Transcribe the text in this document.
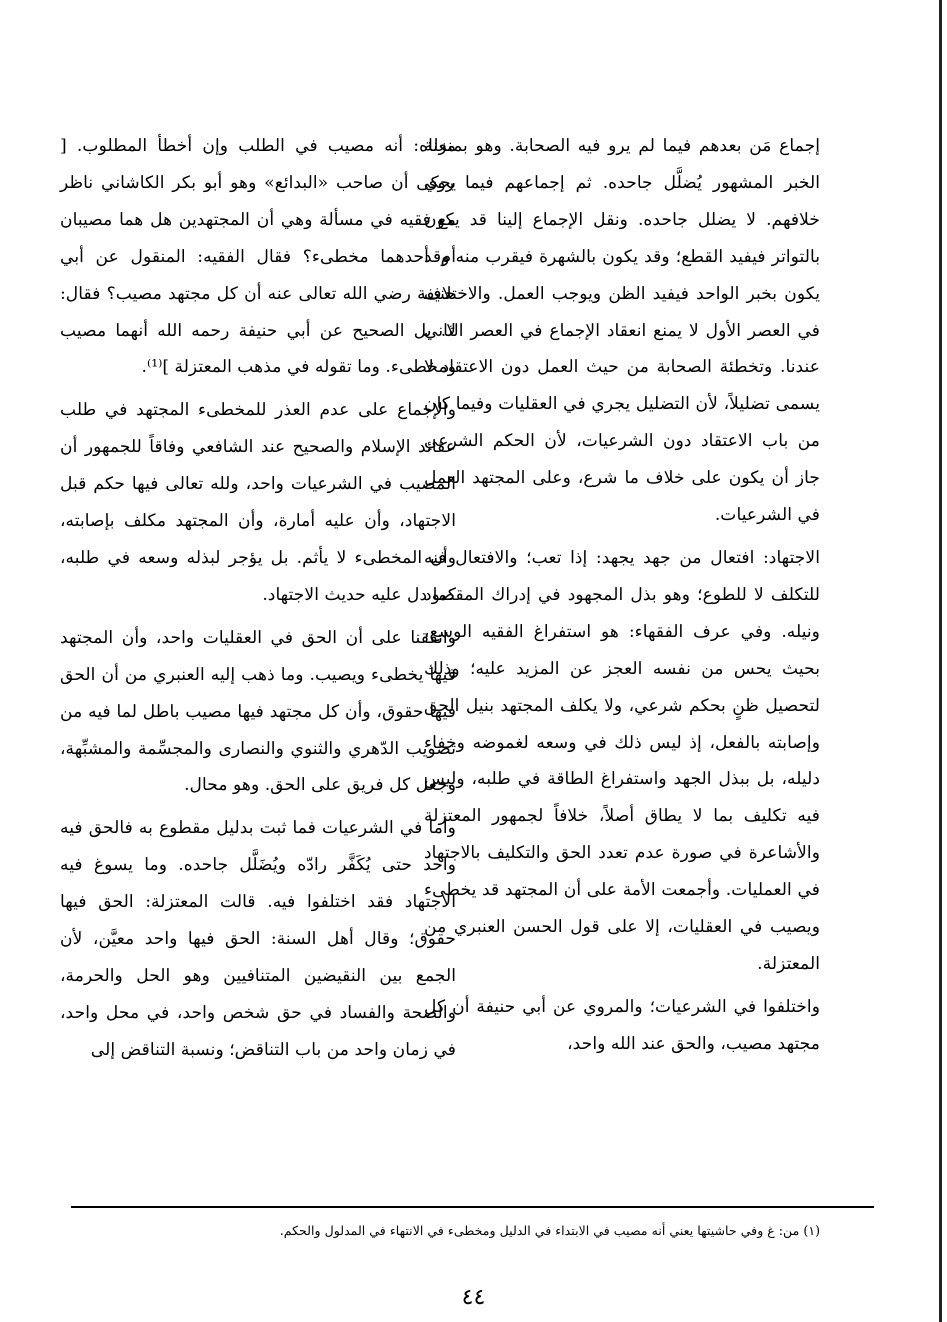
إجماع مَن بعدهم فيما لم يرو فيه الصحابة. وهو بمنزلة الخبر المشهور يُضلَّل جاحده. ثم إجماعهم فيما روي خلافهم. لا يضلل جاحده. ونقل الإجماع إلينا قد يكون بالتواتر فيفيد القطع؛ وقد يكون بالشهرة فيقرب منه وقد يكون بخبر الواحد فيفيد الظن ويوجب العمل. والاختلاف في العصر الأول لا يمنع انعقاد الإجماع في العصر الثاني عندنا. وتخطئة الصحابة من حيث العمل دون الاعتقاد لا يسمى تضليلاً، لأن التضليل يجري في العقليات وفيما كان من باب الاعتقاد دون الشرعيات، لأن الحكم الشرعي جاز أن يكون على خلاف ما شرع، وعلى المجتهد العمل في الشرعيات.

الاجتهاد: افتعال من جهد يجهد: إذا تعب؛ والافتعال فيه للتكلف لا للطوع؛ وهو بذل المجهود في إدراك المقصود ونيله. وفي عرف الفقهاء: هو استفراغ الفقيه الوسع، بحيث يحس من نفسه العجز عن المزيد عليه؛ وذلك لتحصيل ظنٍ بحكم شرعي، ولا يكلف المجتهد بنيل الحق وإصابته بالفعل، إذ ليس ذلك في وسعه لغموضه وخفاء دليله، بل ببذل الجهد واستفراغ الطاقة في طلبه، وليس فيه تكليف بما لا يطاق أصلاً، خلافاً لجمهور المعتزلة والأشاعرة في صورة عدم تعدد الحق والتكليف بالاجتهاد في العمليات. وأجمعت الأمة على أن المجتهد قد يخطىء ويصيب في العقليات، إلا على قول الحسن العنبري من المعتزلة.

واختلفوا في الشرعيات؛ والمروي عن أبي حنيفة أن كل مجتهد مصيب، والحق عند الله واحد،

معناه: أنه مصيب في الطلب وإن أخطأ المطلوب. [ يحكى أن صاحب «البدائع» وهو أبو بكر الكاشاني ناظر مع فقيه في مسألة وهي أن المجتهدين هل هما مصيبان أم أحدهما مخطىء؟ فقال الفقيه: المنقول عن أبي حنيفة رضي الله تعالى عنه أن كل مجتهد مصيب؟ فقال: لا. بل الصحيح عن أبي حنيفة رحمه الله أنهما مصيب ومخطىء. وما تقوله في مذهب المعتزلة ]⁽¹⁾.

والإجماع على عدم العذر للمخطىء المجتهد في طلب عقائد الإسلام والصحيح عند الشافعي وفاقاً للجمهور أن المصيب في الشرعيات واحد، ولله تعالى فيها حكم قبل الاجتهاد، وأن عليه أمارة، وأن المجتهد مكلف بإصابته، وأن المخطىء لا يأثم. بل يؤجر لبذله وسعه في طلبه، كما دل عليه حديث الاجتهاد.

واتفقنا على أن الحق في العقليات واحد، وأن المجتهد فيها يخطىء ويصيب. وما ذهب إليه العنبري من أن الحق فيها حقوق، وأن كل مجتهد فيها مصيب باطل لما فيه من تصويب الدّهري والثنوي والنصارى والمجسِّمة والمشبِّهة، وجعل كل فريق على الحق. وهو محال.

وأما في الشرعيات فما ثبت بدليل مقطوع به فالحق فيه واحد حتى يُكَفَّر رادّه ويُضَلَّل جاحده. وما يسوغ فيه الاجتهاد فقد اختلفوا فيه. قالت المعتزلة: الحق فيها حقوق؛ وقال أهل السنة: الحق فيها واحد معيَّن، لأن الجمع بين النقيضين المتنافيين وهو الحل والحرمة، والصحة والفساد في حق شخص واحد، في محل واحد، في زمان واحد من باب التناقض؛ ونسبة التناقض إلى

(١) من: غ وفي حاشيتها يعني أنه مصيب في الابتداء في الدليل ومخطىء في الانتهاء في المدلول والحكم.
٤٤
